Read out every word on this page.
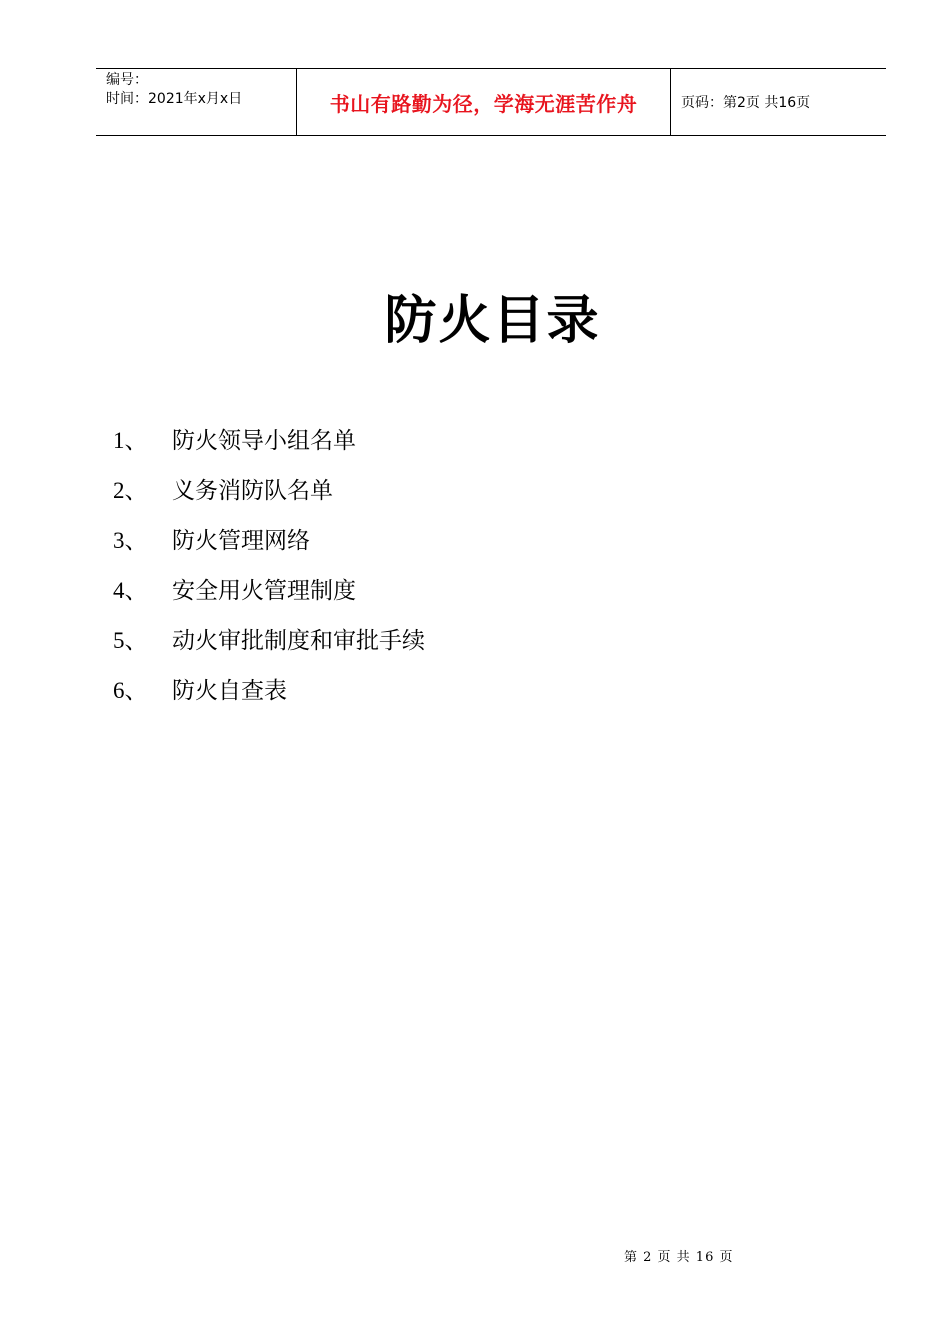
编号：
时间：2021年x月x日	书山有路勤为径，学海无涯苦作舟	页码：第2页 共16页
防火目录
1、	防火领导小组名单
2、	义务消防队名单
3、	防火管理网络
4、	安全用火管理制度
5、	动火审批制度和审批手续
6、	防火自查表
第 2 页 共 16 页
